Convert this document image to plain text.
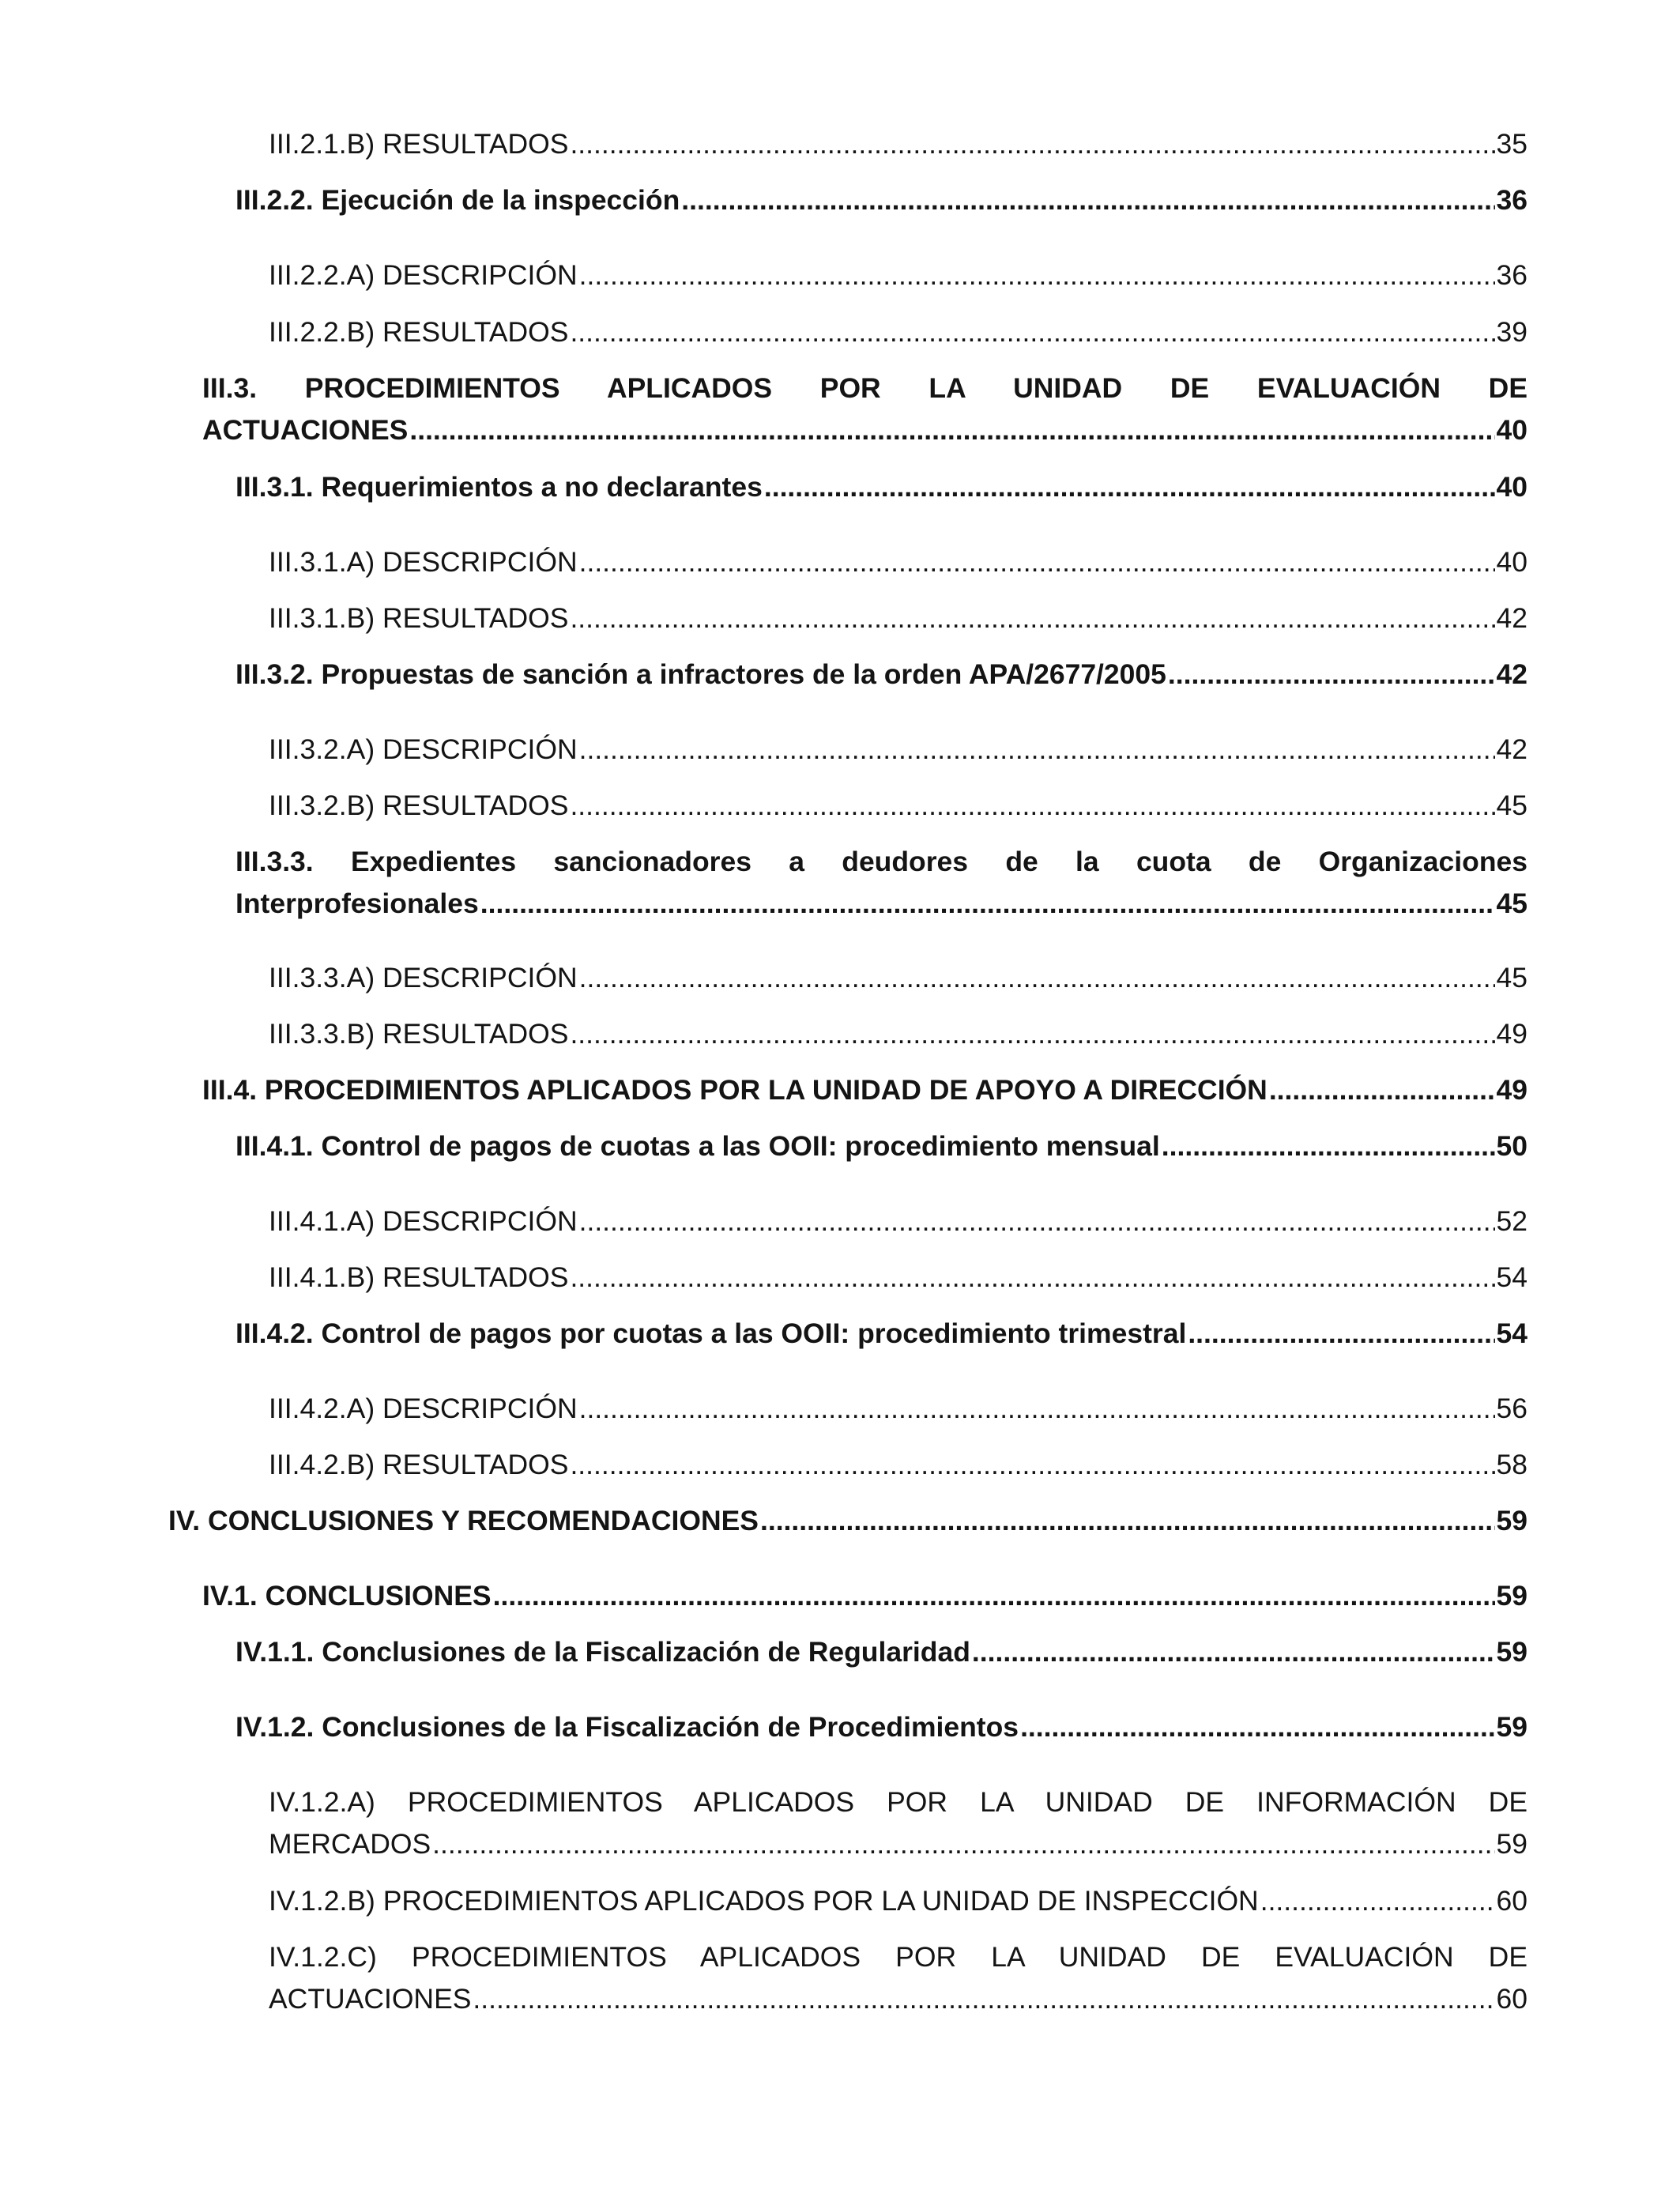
III.2.1.B) RESULTADOS .....	35
III.2.2. Ejecución de la inspección .....	36
III.2.2.A) DESCRIPCIÓN .....	36
III.2.2.B) RESULTADOS .....	39
III.3. PROCEDIMIENTOS APLICADOS POR LA UNIDAD DE EVALUACIÓN DE
ACTUACIONES .....	40
III.3.1. Requerimientos a no declarantes .....	40
III.3.1.A) DESCRIPCIÓN .....	40
III.3.1.B) RESULTADOS .....	42
III.3.2. Propuestas de sanción a infractores de la orden APA/2677/2005 .....	42
III.3.2.A) DESCRIPCIÓN .....	42
III.3.2.B) RESULTADOS .....	45
III.3.3. Expedientes sancionadores a deudores de la cuota de Organizaciones
Interprofesionales .....	45
III.3.3.A) DESCRIPCIÓN .....	45
III.3.3.B) RESULTADOS .....	49
III.4. PROCEDIMIENTOS APLICADOS POR LA UNIDAD DE APOYO A DIRECCIÓN .....	49
III.4.1. Control de pagos de cuotas a las OOII: procedimiento mensual .....	50
III.4.1.A) DESCRIPCIÓN .....	52
III.4.1.B) RESULTADOS .....	54
III.4.2. Control de pagos por cuotas a las OOII: procedimiento trimestral .....	54
III.4.2.A) DESCRIPCIÓN .....	56
III.4.2.B) RESULTADOS .....	58
IV. CONCLUSIONES Y RECOMENDACIONES .....	59
IV.1. CONCLUSIONES .....	59
IV.1.1. Conclusiones de la Fiscalización de Regularidad .....	59
IV.1.2. Conclusiones de la Fiscalización de Procedimientos .....	59
IV.1.2.A) PROCEDIMIENTOS APLICADOS POR LA UNIDAD DE INFORMACIÓN DE
MERCADOS .....	59
IV.1.2.B) PROCEDIMIENTOS APLICADOS POR LA UNIDAD DE INSPECCIÓN .....	60
IV.1.2.C) PROCEDIMIENTOS APLICADOS POR LA UNIDAD DE EVALUACIÓN DE
ACTUACIONES .....	60
